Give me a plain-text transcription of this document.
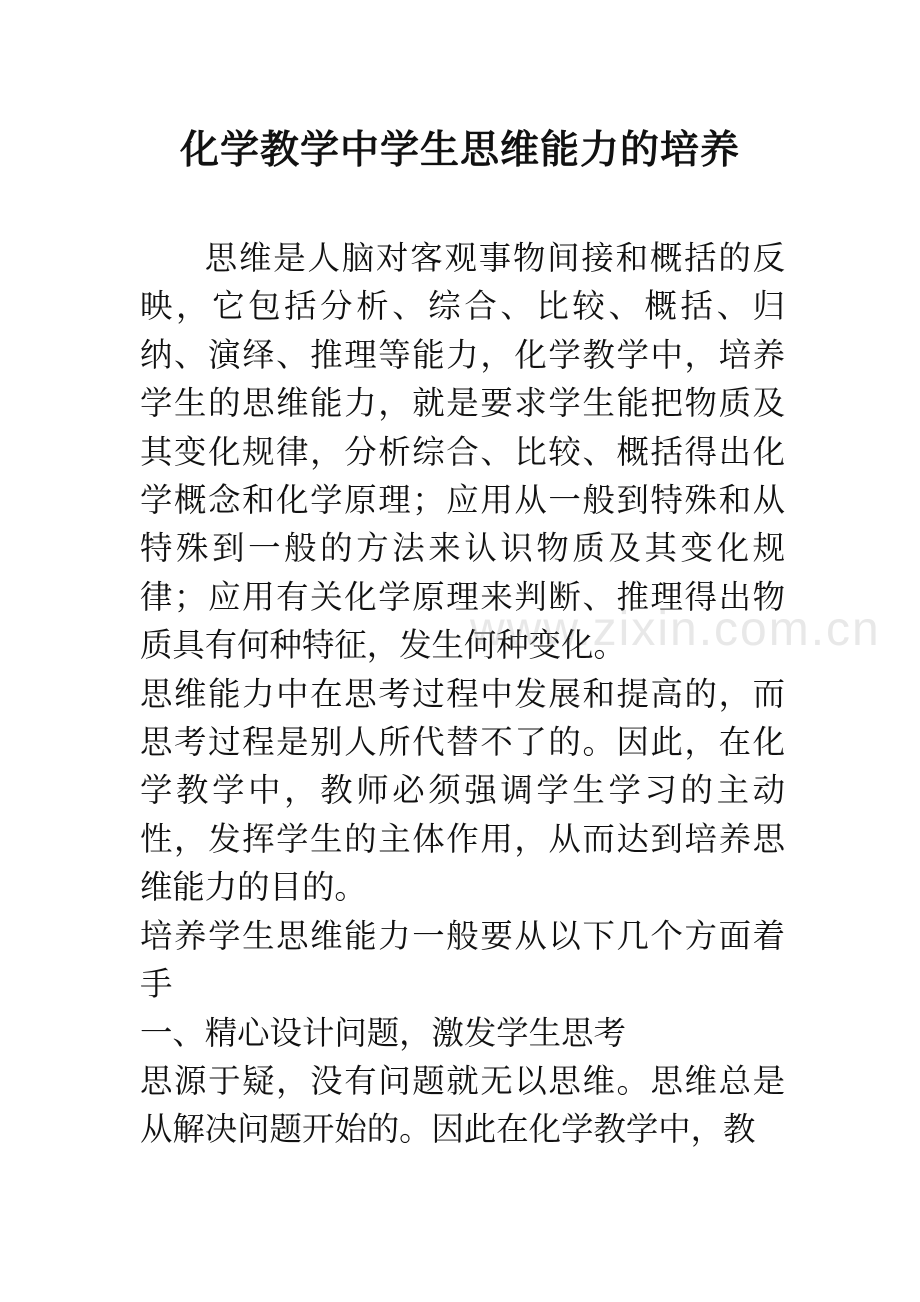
化学教学中学生思维能力的培养

思维是人脑对客观事物间接和概括的反映，它包括分析、综合、比较、概括、归纳、演绎、推理等能力，化学教学中，培养学生的思维能力，就是要求学生能把物质及其变化规律，分析综合、比较、概括得出化学概念和化学原理；应用从一般到特殊和从特殊到一般的方法来认识物质及其变化规律；应用有关化学原理来判断、推理得出物质具有何种特征，发生何种变化。

思维能力中在思考过程中发展和提高的，而思考过程是别人所代替不了的。因此，在化学教学中，教师必须强调学生学习的主动性，发挥学生的主体作用，从而达到培养思维能力的目的。

培养学生思维能力一般要从以下几个方面着手

一、精心设计问题，激发学生思考

思源于疑，没有问题就无以思维。思维总是从解决问题开始的。因此在化学教学中，教

www.zixin.com.cn
